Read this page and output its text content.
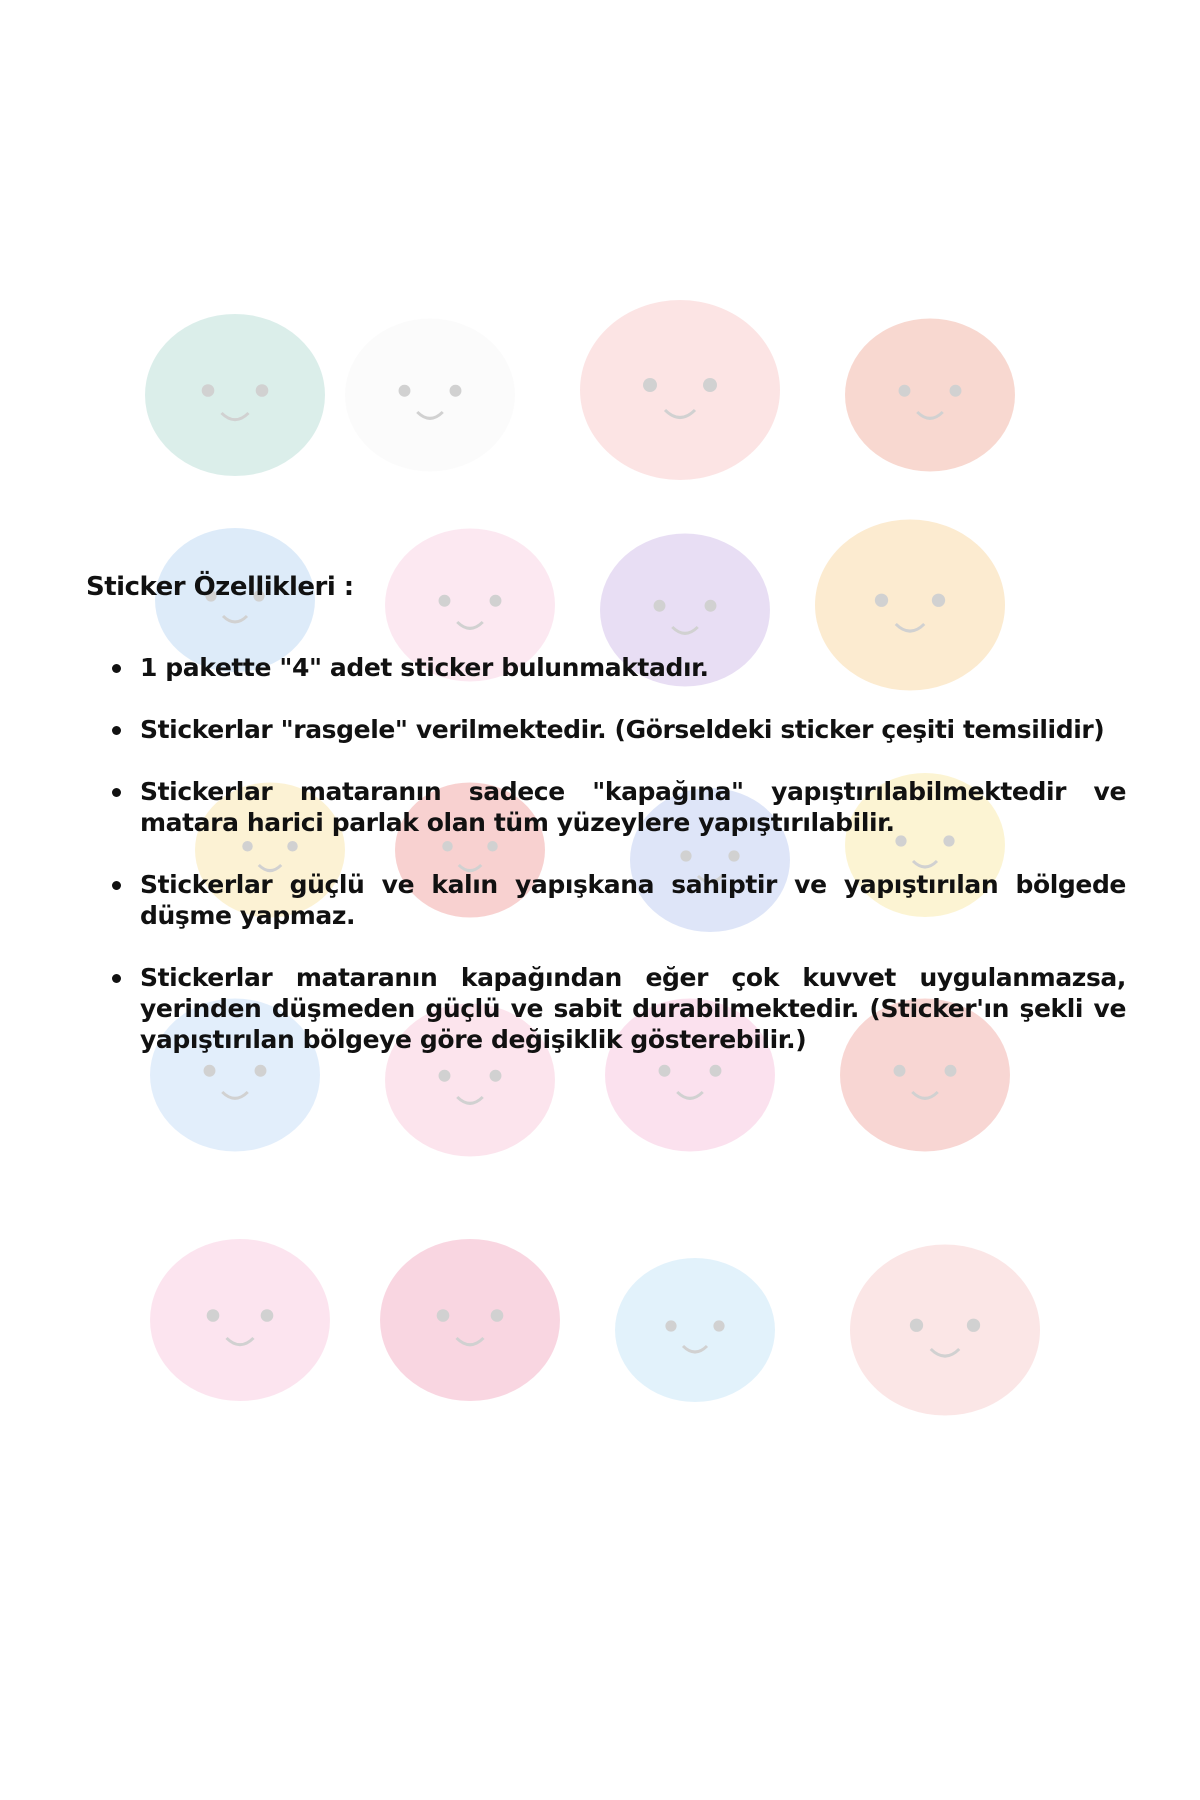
Sticker Özellikleri :
1 pakette "4" adet sticker bulunmaktadır.
Stickerlar "rasgele" verilmektedir. (Görseldeki sticker çeşiti temsilidir)
Stickerlar mataranın sadece "kapağına" yapıştırılabilmektedir ve matara harici parlak olan tüm yüzeylere yapıştırılabilir.
Stickerlar güçlü ve kalın yapışkana sahiptir ve yapıştırılan bölgede düşme yapmaz.
Stickerlar mataranın kapağından eğer çok kuvvet uygulanmazsa, yerinden düşmeden güçlü ve sabit durabilmektedir. (Sticker'ın şekli ve yapıştırılan bölgeye göre değişiklik gösterebilir.)
